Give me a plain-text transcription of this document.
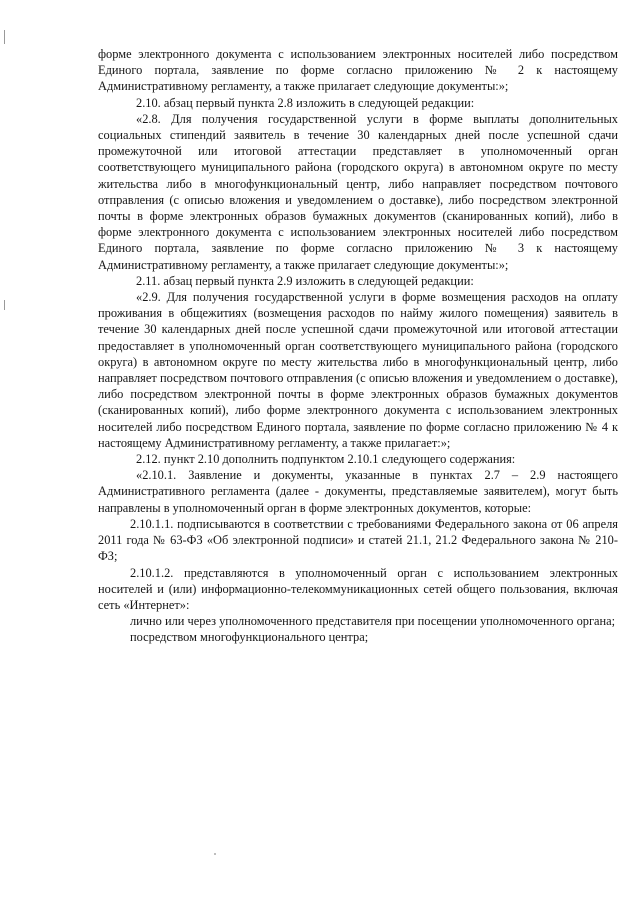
форме электронного документа с использованием электронных носителей либо посредством Единого портала, заявление по форме согласно приложению № 2 к настоящему Административному регламенту, а также прилагает следующие документы:»;

2.10. абзац первый пункта 2.8 изложить в следующей редакции:

«2.8. Для получения государственной услуги в форме выплаты дополнительных социальных стипендий заявитель в течение 30 календарных дней после успешной сдачи промежуточной или итоговой аттестации представляет в уполномоченный орган соответствующего муниципального района (городского округа) в автономном округе по месту жительства либо в многофункциональный центр, либо направляет посредством почтового отправления (с описью вложения и уведомлением о доставке), либо посредством электронной почты в форме электронных образов бумажных документов (сканированных копий), либо в форме электронного документа с использованием электронных носителей либо посредством Единого портала, заявление по форме согласно приложению № 3 к настоящему Административному регламенту, а также прилагает следующие документы:»;

2.11. абзац первый пункта 2.9 изложить в следующей редакции:

«2.9. Для получения государственной услуги в форме возмещения расходов на оплату проживания в общежитиях (возмещения расходов по найму жилого помещения) заявитель в течение 30 календарных дней после успешной сдачи промежуточной или итоговой аттестации предоставляет в уполномоченный орган соответствующего муниципального района (городского округа) в автономном округе по месту жительства либо в многофункциональный центр, либо направляет посредством почтового отправления (с описью вложения и уведомлением о доставке), либо посредством электронной почты в форме электронных образов бумажных документов (сканированных копий), либо форме электронного документа с использованием электронных носителей либо посредством Единого портала, заявление по форме согласно приложению № 4 к настоящему Административному регламенту, а также прилагает:»;

2.12. пункт 2.10 дополнить подпунктом 2.10.1 следующего содержания:

«2.10.1. Заявление и документы, указанные в пунктах 2.7 – 2.9 настоящего Административного регламента (далее - документы, представляемые заявителем), могут быть направлены в уполномоченный орган в форме электронных документов, которые:

2.10.1.1. подписываются в соответствии с требованиями Федерального закона от 06 апреля 2011 года № 63-ФЗ «Об электронной подписи» и статей 21.1, 21.2 Федерального закона № 210-ФЗ;

2.10.1.2. представляются в уполномоченный орган с использованием электронных носителей и (или) информационно-телекоммуникационных сетей общего пользования, включая сеть «Интернет»:

лично или через уполномоченного представителя при посещении уполномоченного органа;

посредством многофункционального центра;
